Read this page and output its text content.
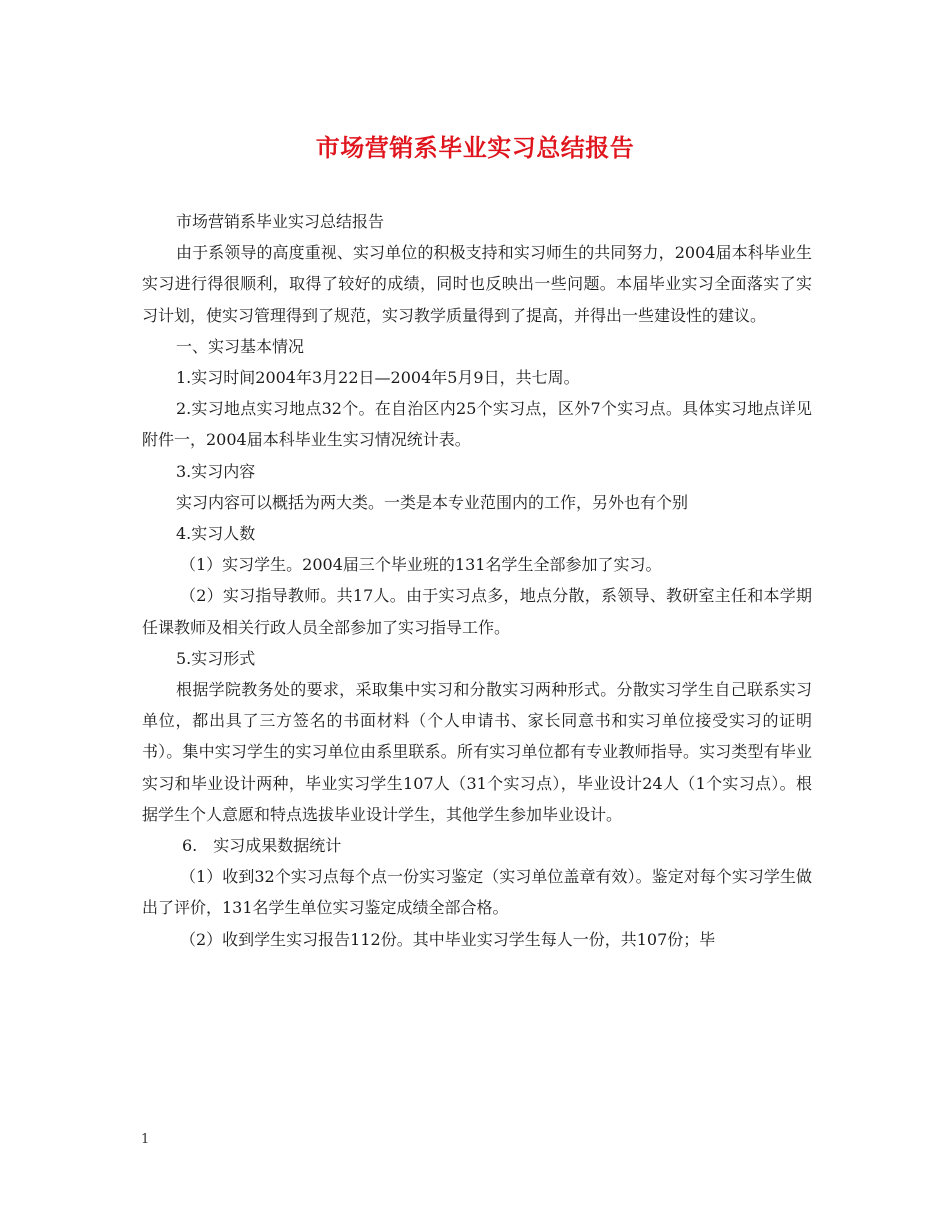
市场营销系毕业实习总结报告

市场营销系毕业实习总结报告

由于系领导的高度重视、实习单位的积极支持和实习师生的共同努力，2004届本科毕业生实习进行得很顺利，取得了较好的成绩，同时也反映出一些问题。本届毕业实习全面落实了实习计划，使实习管理得到了规范，实习教学质量得到了提高，并得出一些建设性的建议。

一、实习基本情况

1.实习时间2004年3月22日—2004年5月9日，共七周。

2.实习地点实习地点32个。在自治区内25个实习点，区外7个实习点。具体实习地点详见附件一，2004届本科毕业生实习情况统计表。

3.实习内容

实习内容可以概括为两大类。一类是本专业范围内的工作，另外也有个别

4.实习人数

（1）实习学生。2004届三个毕业班的131名学生全部参加了实习。

（2）实习指导教师。共17人。由于实习点多，地点分散，系领导、教研室主任和本学期任课教师及相关行政人员全部参加了实习指导工作。

5.实习形式

根据学院教务处的要求，采取集中实习和分散实习两种形式。分散实习学生自己联系实习单位，都出具了三方签名的书面材料（个人申请书、家长同意书和实习单位接受实习的证明书）。集中实习学生的实习单位由系里联系。所有实习单位都有专业教师指导。实习类型有毕业实习和毕业设计两种，毕业实习学生107人（31个实习点），毕业设计24人（1个实习点）。根据学生个人意愿和特点选拔毕业设计学生，其他学生参加毕业设计。

6.　实习成果数据统计

（1）收到32个实习点每个点一份实习鉴定（实习单位盖章有效）。鉴定对每个实习学生做出了评价，131名学生单位实习鉴定成绩全部合格。

（2）收到学生实习报告112份。其中毕业实习学生每人一份，共107份；毕

1
